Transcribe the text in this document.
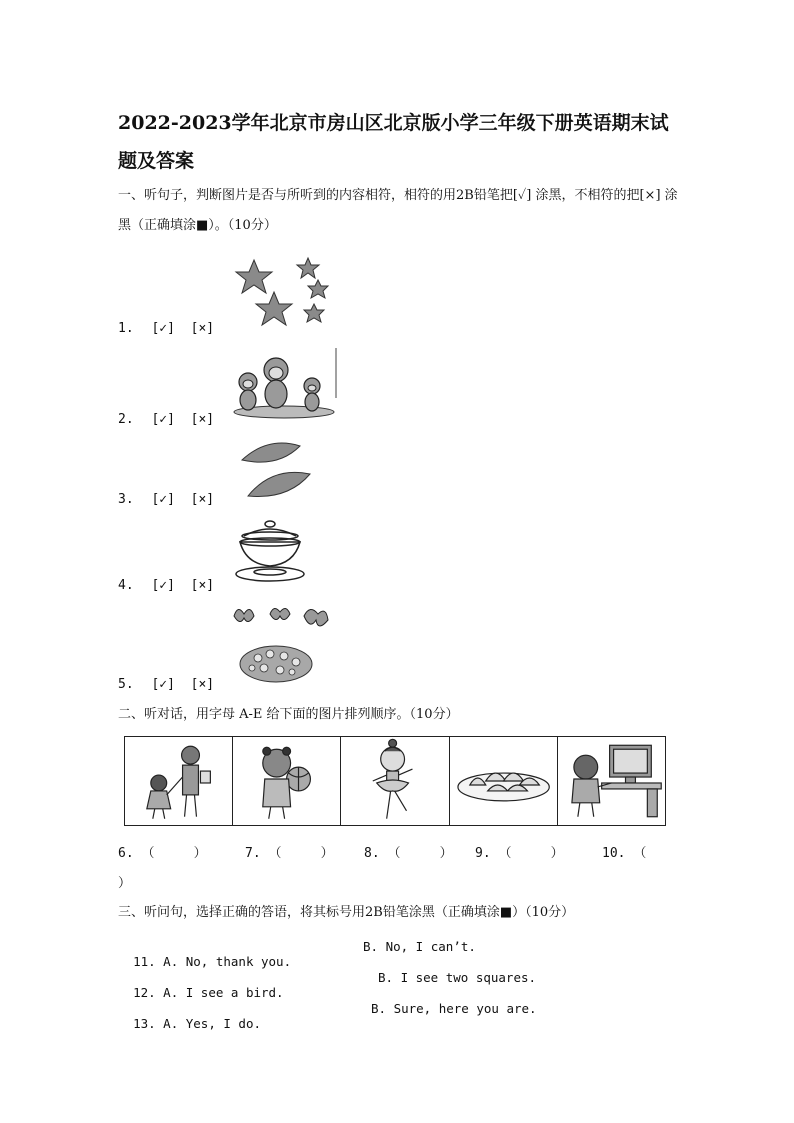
2022-2023学年北京市房山区北京版小学三年级下册英语期末试题及答案

一、听句子，判断图片是否与所听到的内容相符，相符的用2B铅笔把[✓] 涂黑，不相符的把[×] 涂黑（正确填涂■）。（10分）

1. [✓] [×]

2. [✓] [×]

3. [✓] [×]

4. [✓] [×]

5. [✓] [×]

二、听对话，用字母 A-E 给下面的图片排列顺序。（10分）

6. （     ）	7. （     ） 8. （     ） 9. （     ）	10. （
）

三、听问句，选择正确的答语，将其标号用2B铅笔涂黑（正确填涂■）（10分）

11. A. No, thank you.

B. No, I can’t.

12. A. I see a bird.

B. I see two squares.

13. A. Yes, I do.

B. Sure, here you are.
